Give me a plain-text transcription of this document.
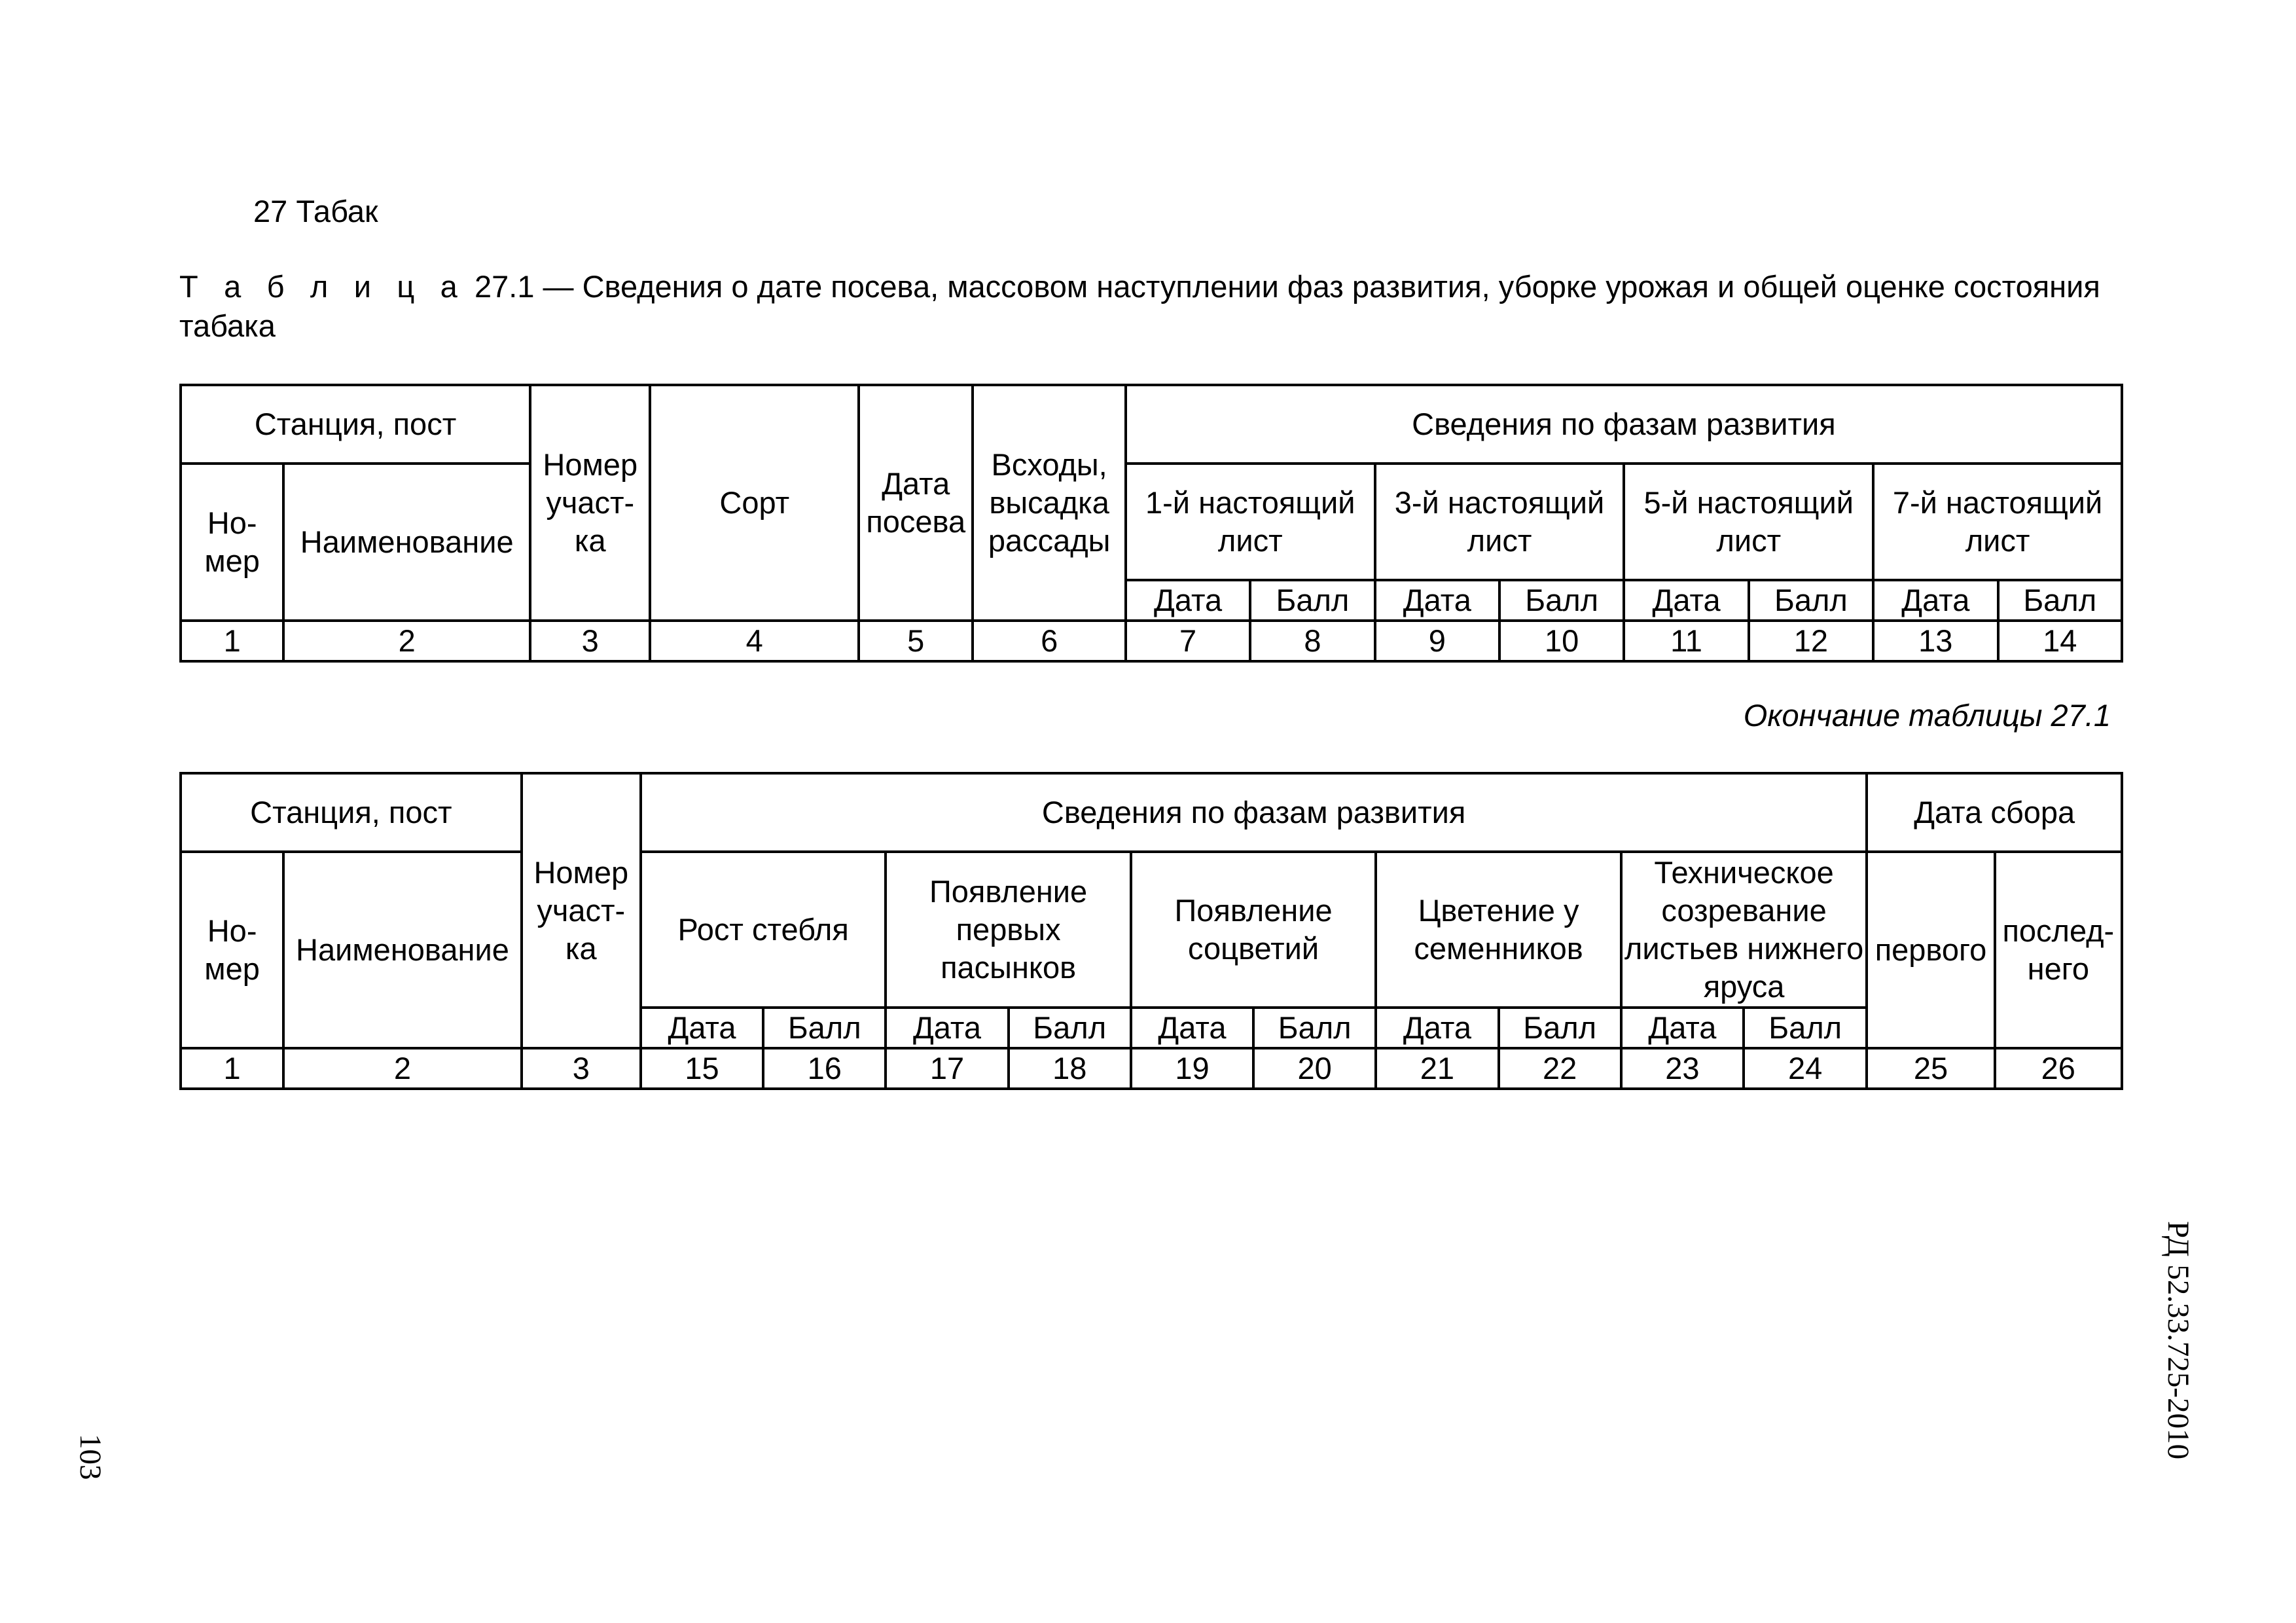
27 Табак
Т а б л и ц а 27.1 — Сведения о дате посева, массовом наступлении фаз развития, уборке урожая и общей оценке состояния табака
Станция, пост		Номер участ-ка	Сорт	Дата посева	Всходы, высадка рассады	Сведения по фазам развития							
Но-мер	Наименование					1-й настоящий лист		3-й настоящий лист		5-й настоящий лист		7-й настоящий лист	
						Дата	Балл	Дата	Балл	Дата	Балл	Дата	Балл
1	2	3	4	5	6	7	8	9	10	11	12	13	14
Окончание таблицы 27.1
Станция, пост		Номер участ-ка	Сведения по фазам развития										Дата сбора	
Но-мер	Наименование		Рост стебля		Появление первых пасынков		Появление соцветий		Цветение у семенников		Техническое созревание листьев нижнего яруса		первого	послед-него
			Дата	Балл	Дата	Балл	Дата	Балл	Дата	Балл	Дата	Балл		
1	2	3	15	16	17	18	19	20	21	22	23	24	25	26
103	РД 52.33.725-2010
